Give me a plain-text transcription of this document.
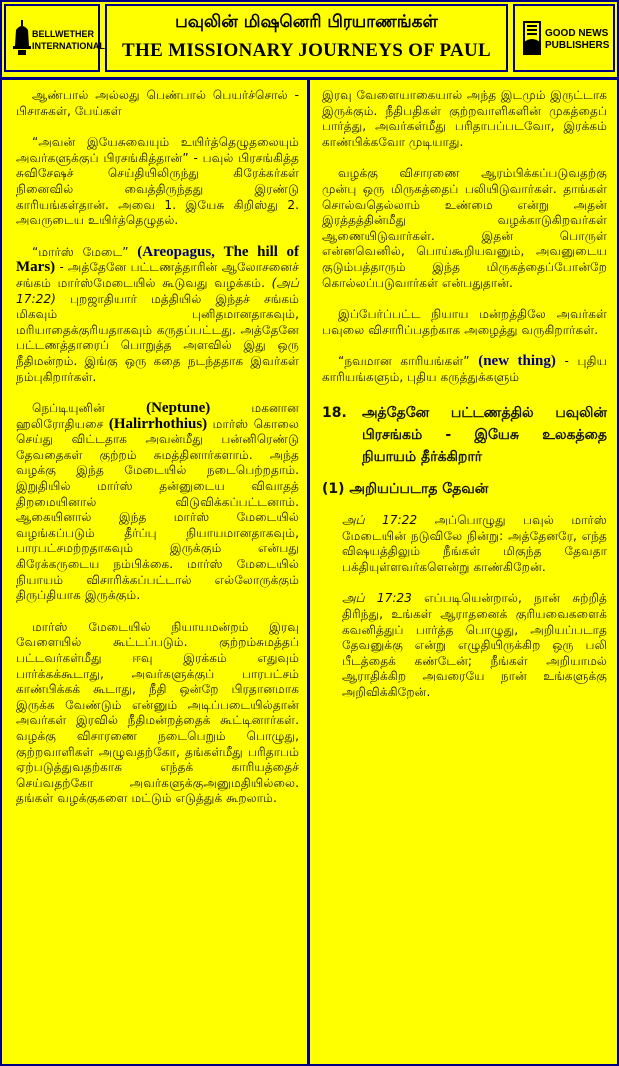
BELLWETHER
INTERNATIONAL
பவுலின் மிஷனெரி பிரயாணங்கள்
THE MISSIONARY JOURNEYS OF PAUL
GOOD NEWS
PUBLISHERS

ஆண்பால் அல்லது பெண்பால் பெயர்ச்சொல் - பிசாசுகள், பேய்கள்

“அவன் இயேசுவையும் உயிர்த்தெழுதலையும் அவர்களுக்குப் பிரசங்கித்தான்” - பவுல் பிரசங்கித்த சுவிசேஷச் செய்தியிலிருந்து கிரேக்கர்கள் நினைவில் வைத்திருந்தது இரண்டு காரியங்கள்தான். அவை 1. இயேசு கிறிஸ்து 2. அவருடைய உயிர்த்தெழுதல்.

“மார்ஸ் மேடை” (Areopagus, The hill of Mars) - அத்தேனே பட்டணத்தாரின் ஆலோசனைச் சங்கம் மார்ஸ்மேடையில் கூடுவது வழக்கம். (அப் 17:22) புறஜாதியார் மத்தியில் இந்தச் சங்கம் மிகவும் புனிதமானதாகவும், மரியாதைக்குரியதாகவும் கருதப்பட்டது. அத்தேனே பட்டணத்தாரைப் பொறுத்த அளவில் இது ஒரு நீதிமன்றம். இங்கு ஒரு கதை நடந்ததாக இவர்கள் நம்புகிறார்கள்.

நெப்டியுனின்	(Neptune)	மகனான ஹலிரோதியசை (Halirrhothius) மார்ஸ் கொலை செய்து விட்டதாக அவன்மீது பன்னிரெண்டு தேவதைகள் குற்றம் சுமத்தினார்களாம். அந்த வழக்கு இந்த மேடையில் நடைபெற்றதாம். இறுதியில் மார்ஸ் தன்னுடைய விவாதத் திறமையினால் விடுவிக்கப்பட்டனாம். ஆகையினால் இந்த மார்ஸ் மேடையில் வழங்கப்படும் தீர்ப்பு நியாயமானதாகவும், பாரபட்சமற்றதாகவும் இருக்கும் என்பது கிரேக்கருடைய நம்பிக்கை. மார்ஸ் மேடையில் நியாயம் விசாரிக்கப்பட்டால் எல்லோருக்கும் திருப்தியாக இருக்கும்.

மார்ஸ் மேடையில் நியாயமன்றம் இரவு வேளையில் கூட்டப்படும். குற்றம்சுமத்தப் பட்டவர்கள்மீது ஈவு இரக்கம் எதுவும் பார்க்கக்கூடாது, அவர்களுக்குப் பாரபட்சம் காண்பிக்கக் கூடாது, நீதி ஒன்றே பிரதானமாக இருக்க வேண்டும் என்னும் அடிப்படையில்தான் அவர்கள் இரவில் நீதிமன்றத்தைக் கூட்டினார்கள். வழக்கு விசாரணை நடைபெறும் பொழுது, குற்றவாளிகள் அழுவதற்கோ, தங்கள்மீது பரிதாபம் ஏற்படுத்துவதற்காக எந்தக் காரியத்தைச் செய்வதற்கோ அவர்களுக்குஅனுமதியில்லை. தங்கள் வழக்குகளை மட்டும் எடுத்துக் கூறலாம்.

இரவு வேளையாகையால் அந்த இடமும் இருட்டாக இருக்கும். நீதிபதிகள் குற்றவாளிகளின் முகத்தைப் பார்த்து, அவர்கள்மீது பரிதாபப்படவோ, இரக்கம் காண்பிக்கவோ முடியாது.

வழக்கு விசாரணை ஆரம்பிக்கப்படுவதற்கு முன்பு ஒரு மிருகத்தைப் பலியிடுவார்கள். தாங்கள் சொல்வதெல்லாம் உண்மை என்று அதன் இரத்தத்தின்மீது வழக்காடுகிறவர்கள் ஆணையிடுவார்கள். இதன் பொருள் என்னவெனில், பொய்கூறியவனும், அவனுடைய குடும்பத்தாரும் இந்த மிருகத்தைப்போன்றே கொல்லப்படுவார்கள் என்பதுதான்.

இப்பேர்ப்பட்ட நியாய மன்றத்திலே அவர்கள் பவுலை விசாரிப்பதற்காக அழைத்து வருகிறார்கள்.

“நவமான காரியங்கள்” (new thing) - புதிய காரியங்களும், புதிய கருத்துக்களும்

18.	அத்தேனே பட்டணத்தில் பவுலின் பிரசங்கம் - இயேசு உலகத்தை நியாயம் தீர்க்கிறார்
(1) அறியப்படாத தேவன்

அப் 17:22 அப்பொழுது பவுல் மார்ஸ் மேடையின் நடுவிலே நின்று: அத்தேனரே, எந்த விஷயத்திலும் நீங்கள் மிகுந்த தேவதா பக்தியுள்ளவர்களென்று காண்கிறேன்.

அப் 17:23 எப்படியென்றால், நான் சுற்றித் திரிந்து, உங்கள் ஆராதனைக் குரியவைகளைக் கவனித்துப் பார்த்த பொழுது, அறியப்படாத தேவனுக்கு என்று எழுதியிருக்கிற ஒரு பலி பீடத்தைக் கண்டேன்; நீங்கள் அறியாமல் ஆராதிக்கிற அவரையே நான் உங்களுக்கு அறிவிக்கிறேன்.
